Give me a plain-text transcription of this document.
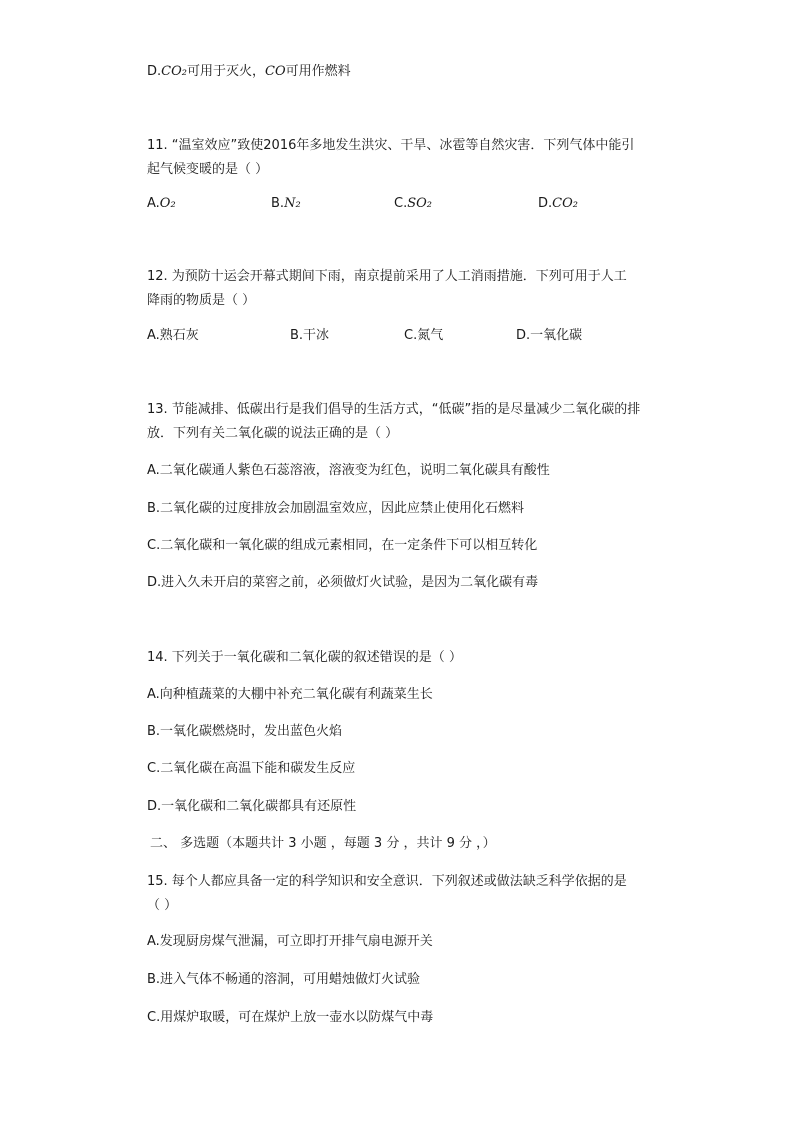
D.CO₂可用于灭火，CO可用作燃料
11. “温室效应”致使2016年多地发生洪灾、干旱、冰雹等自然灾害．下列气体中能引
起气候变暖的是（ ）
A.O₂	B.N₂	C.SO₂	D.CO₂
12. 为预防十运会开幕式期间下雨，南京提前采用了人工消雨措施．下列可用于人工
降雨的物质是（ ）
A.熟石灰	B.干冰	C.氮气	D.一氧化碳
13. 节能减排、低碳出行是我们倡导的生活方式，“低碳”指的是尽量减少二氧化碳的排
放．下列有关二氧化碳的说法正确的是（ ）
A.二氧化碳通人紫色石蕊溶液，溶液变为红色，说明二氧化碳具有酸性
B.二氧化碳的过度排放会加剧温室效应，因此应禁止使用化石燃料
C.二氧化碳和一氧化碳的组成元素相同，在一定条件下可以相互转化
D.进入久未开启的菜窖之前，必须做灯火试验，是因为二氧化碳有毒
14. 下列关于一氧化碳和二氧化碳的叙述错误的是（ ）
A.向种植蔬菜的大棚中补充二氧化碳有利蔬菜生长
B.一氧化碳燃烧时，发出蓝色火焰
C.二氧化碳在高温下能和碳发生反应
D.一氧化碳和二氧化碳都具有还原性
二、 多选题（本题共计 3 小题 ，每题 3 分 ，共计 9 分 ，）
15. 每个人都应具备一定的科学知识和安全意识．下列叙述或做法缺乏科学依据的是
（ ）
A.发现厨房煤气泄漏，可立即打开排气扇电源开关
B.进入气体不畅通的溶洞，可用蜡烛做灯火试验
C.用煤炉取暖，可在煤炉上放一壶水以防煤气中毒
